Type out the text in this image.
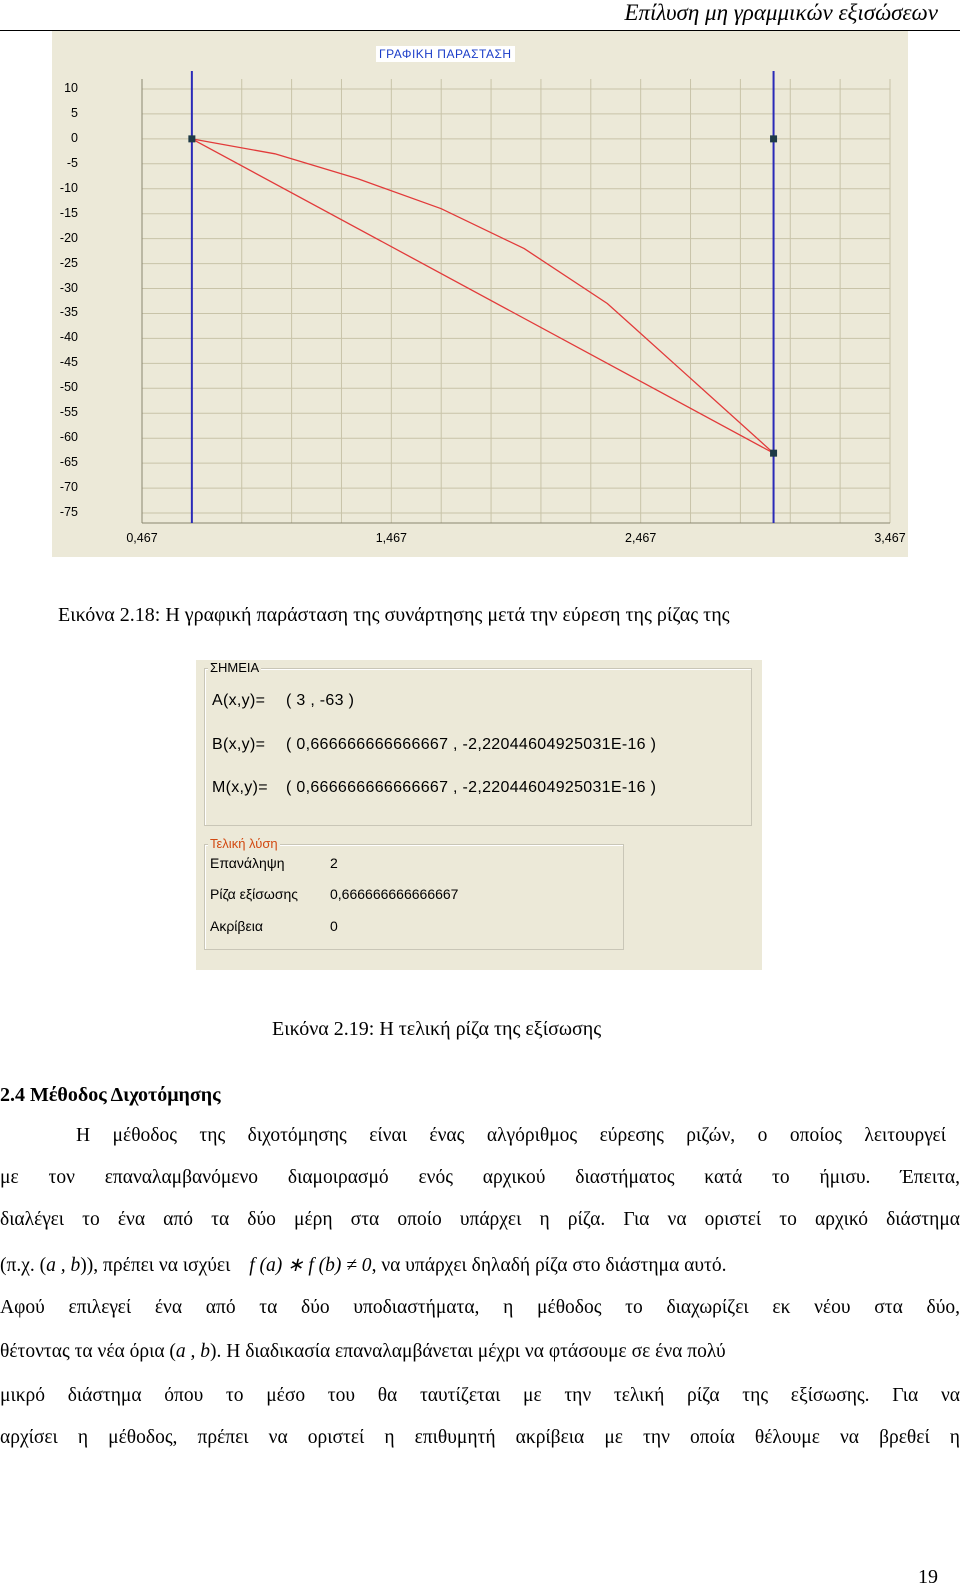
Επίλυση μη γραμμικών εξισώσεων
ΓΡΑΦΙΚΗ ΠΑΡΑΣΤΑΣΗ
10
5
0
-5
-10
-15
-20
-25
-30
-35
-40
-45
-50
-55
-60
-65
-70
-75
0,467	1,467	2,467	3,467
Εικόνα 2.18: Η γραφική παράσταση της συνάρτησης μετά την εύρεση της ρίζας της
ΣΗΜΕΙΑ
A(x,y)= ( 3 , -63 )
B(x,y)= ( 0,666666666666667 , -2,22044604925031E-16 )
M(x,y)= ( 0,666666666666667 , -2,22044604925031E-16 )
Τελική λύση
Επανάληψη	2
Ρίζα εξίσωσης 0,666666666666667
Ακρίβεια	0
Εικόνα 2.19: Η τελική ρίζα της εξίσωσης
2.4 Μέθοδος Διχοτόμησης
Η μέθοδος της διχοτόμησης είναι ένας αλγόριθμος εύρεσης ριζών, ο οποίος λειτουργεί
με τον επαναλαμβανόμενο διαμοιρασμό ενός αρχικού διαστήματος κατά το ήμισυ. Έπειτα,
διαλέγει το ένα από τα δύο μέρη στα οποίο υπάρχει η ρίζα. Για να οριστεί το αρχικό διάστημα
(π.χ. (a , b)), πρέπει να ισχύει f (a) ∗ f (b) ≠ 0, να υπάρχει δηλαδή ρίζα στο διάστημα αυτό.
Αφού επιλεγεί ένα από τα δύο υποδιαστήματα, η μέθοδος το διαχωρίζει εκ νέου στα δύο,
θέτοντας τα νέα όρια (a , b). Η διαδικασία επαναλαμβάνεται μέχρι να φτάσουμε σε ένα πολύ
μικρό διάστημα όπου το μέσο του θα ταυτίζεται με την τελική ρίζα της εξίσωσης. Για να
αρχίσει η μέθοδος, πρέπει να οριστεί η επιθυμητή ακρίβεια με την οποία θέλουμε να βρεθεί η
19
